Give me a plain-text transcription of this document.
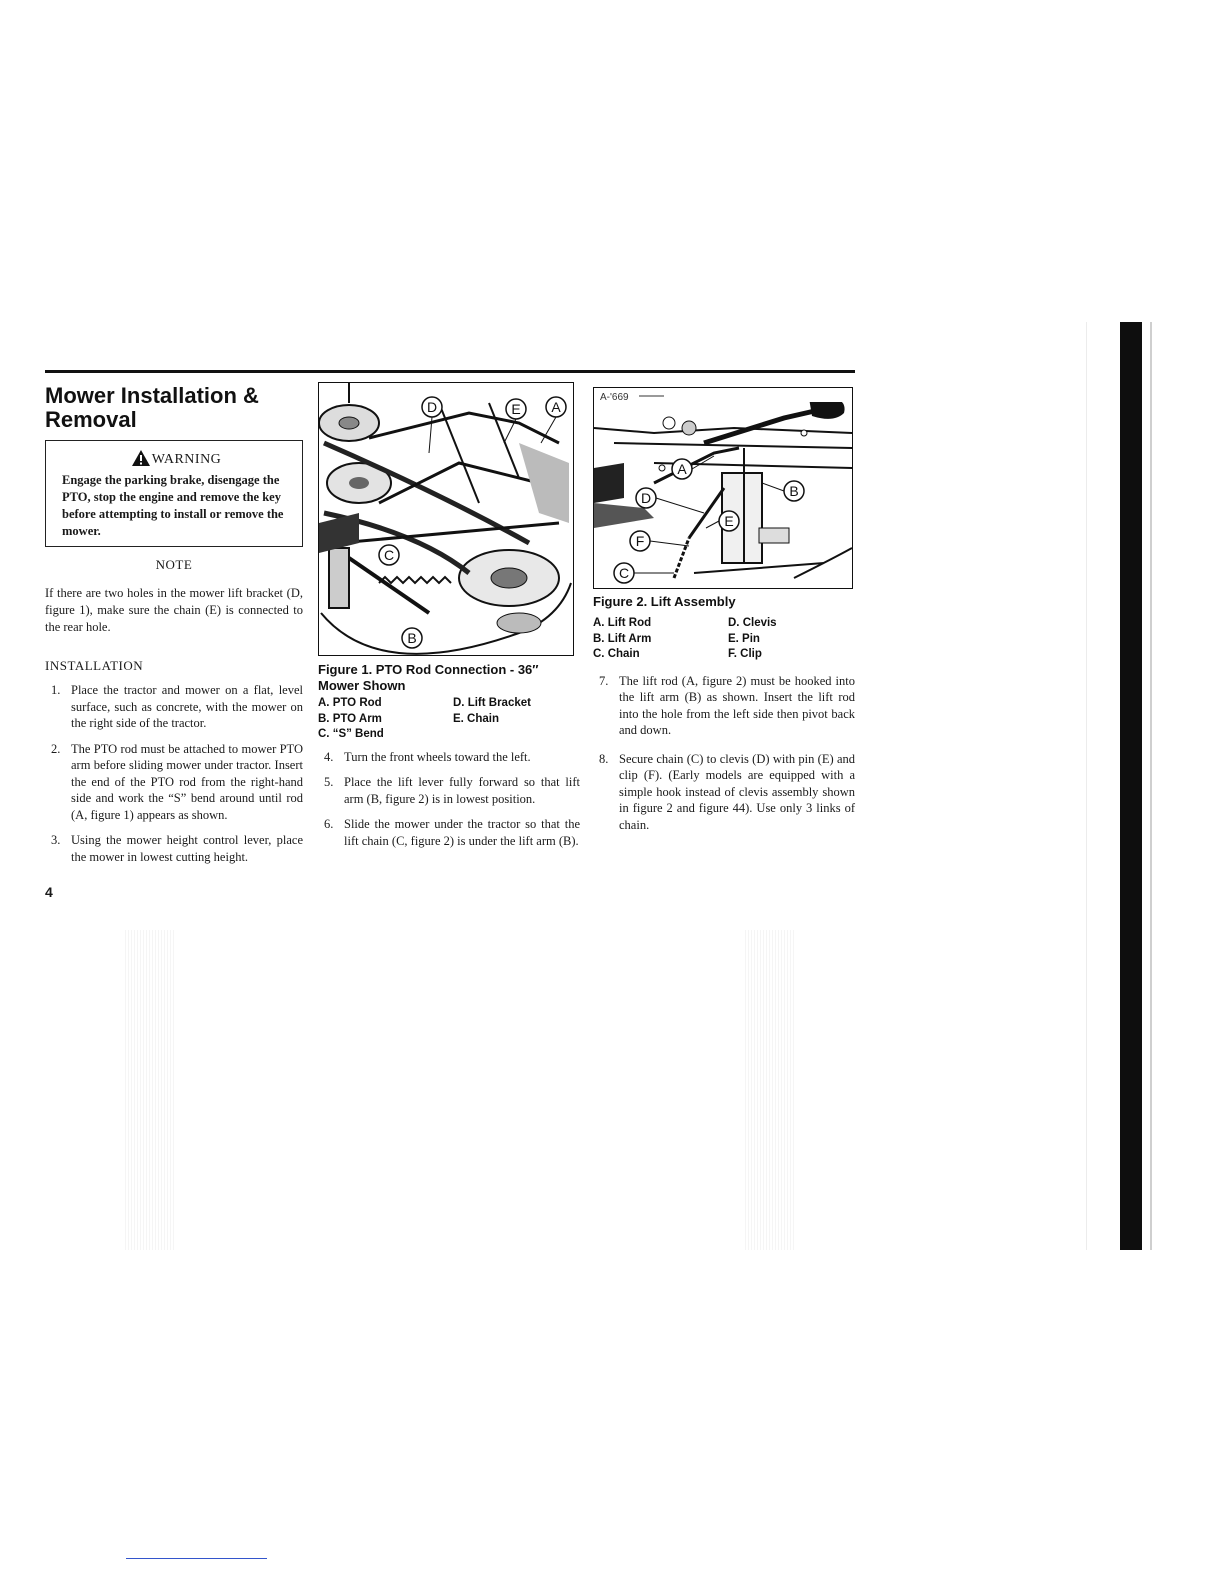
Mower Installation & Removal
WARNING
Engage the parking brake, disengage the PTO, stop the engine and remove the key before attempting to install or remove the mower.
NOTE
If there are two holes in the mower lift bracket (D, figure 1), make sure the chain (E) is connected to the rear hole.
INSTALLATION
1. Place the tractor and mower on a flat, level surface, such as concrete, with the mower on the right side of the tractor.
2. The PTO rod must be attached to mower PTO arm before sliding mower under tractor. Insert the end of the PTO rod from the right-hand side and work the “S” bend around until rod (A, figure 1) appears as shown.
3. Using the mower height control lever, place the mower in lowest cutting height.
D	E A
C
B
Figure 1. PTO Rod Connection - 36″ Mower Shown
A. PTO Rod	D. Lift Bracket
B. PTO Arm	E. Chain
C. “S” Bend
4. Turn the front wheels toward the left.
5. Place the lift lever fully forward so that lift arm (B, figure 2) is in lowest position.
6. Slide the mower under the tractor so that the lift chain (C, figure 2) is under the lift arm (B).
A-'669
A
B
D
E
F
C
Figure 2. Lift Assembly
A. Lift Rod	D. Clevis
B. Lift Arm	E. Pin
C. Chain	F. Clip
7. The lift rod (A, figure 2) must be hooked into the lift arm (B) as shown. Insert the lift rod into the hole from the left side then pivot back and down.
8. Secure chain (C) to clevis (D) with pin (E) and clip (F). (Early models are equipped with a simple hook instead of clevis assembly shown in figure 2 and figure 44). Use only 3 links of chain.
4
